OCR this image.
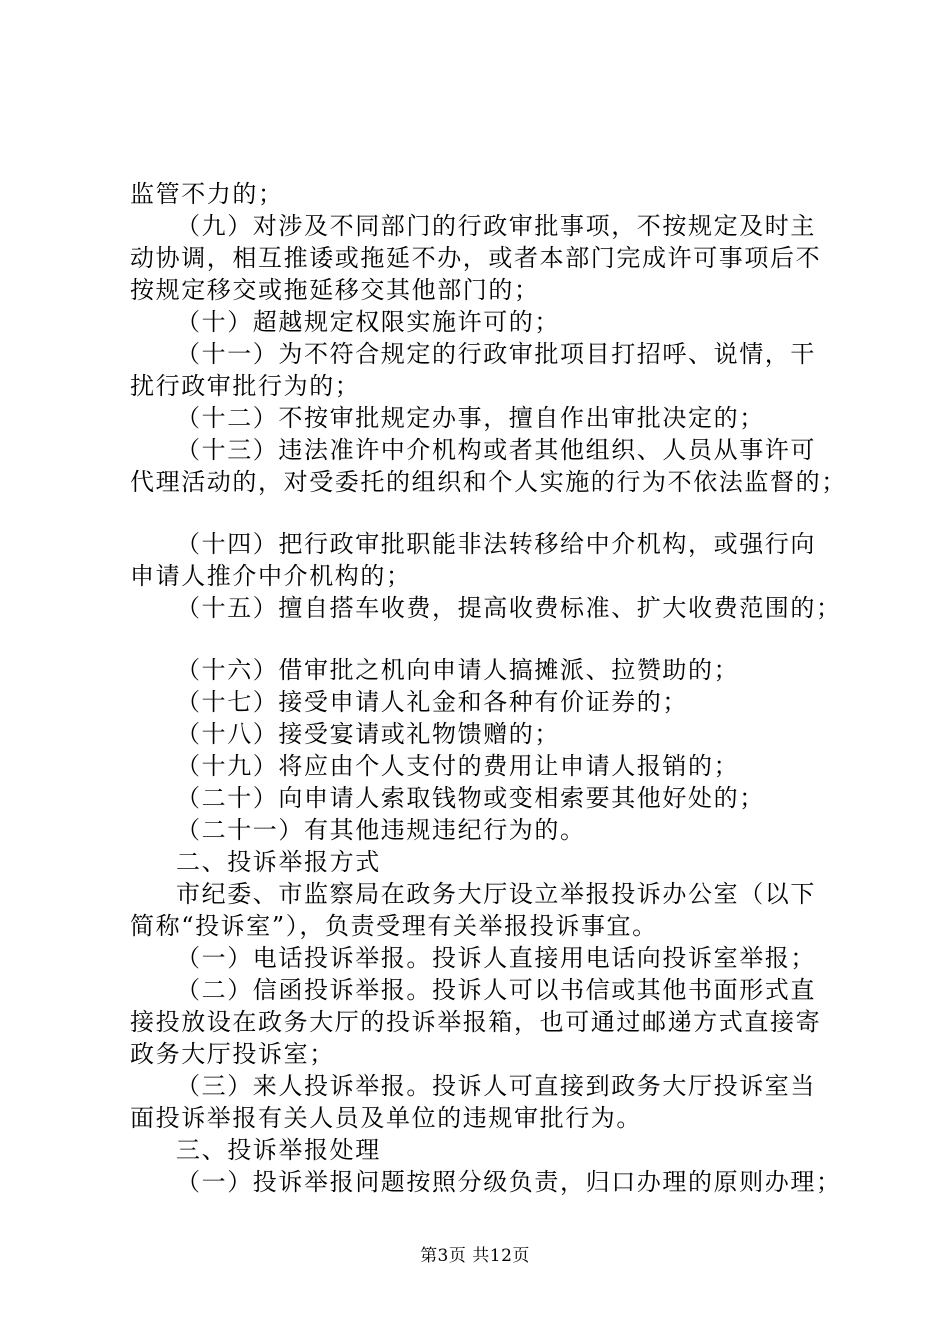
监管不力的；
（九）对涉及不同部门的行政审批事项，不按规定及时主
动协调，相互推诿或拖延不办，或者本部门完成许可事项后不
按规定移交或拖延移交其他部门的；
（十）超越规定权限实施许可的；
（十一）为不符合规定的行政审批项目打招呼、说情，干
扰行政审批行为的；
（十二）不按审批规定办事，擅自作出审批决定的；
（十三）违法准许中介机构或者其他组织、人员从事许可
代理活动的，对受委托的组织和个人实施的行为不依法监督的；
（十四）把行政审批职能非法转移给中介机构，或强行向
申请人推介中介机构的；
（十五）擅自搭车收费，提高收费标准、扩大收费范围的；
（十六）借审批之机向申请人搞摊派、拉赞助的；
（十七）接受申请人礼金和各种有价证券的；
（十八）接受宴请或礼物馈赠的；
（十九）将应由个人支付的费用让申请人报销的；
（二十）向申请人索取钱物或变相索要其他好处的；
（二十一）有其他违规违纪行为的。
二、投诉举报方式
市纪委、市监察局在政务大厅设立举报投诉办公室（以下
简称“投诉室”），负责受理有关举报投诉事宜。
（一）电话投诉举报。投诉人直接用电话向投诉室举报；
（二）信函投诉举报。投诉人可以书信或其他书面形式直
接投放设在政务大厅的投诉举报箱，也可通过邮递方式直接寄
政务大厅投诉室；
（三）来人投诉举报。投诉人可直接到政务大厅投诉室当
面投诉举报有关人员及单位的违规审批行为。
三、投诉举报处理
（一）投诉举报问题按照分级负责，归口办理的原则办理；
第3页 共12页
